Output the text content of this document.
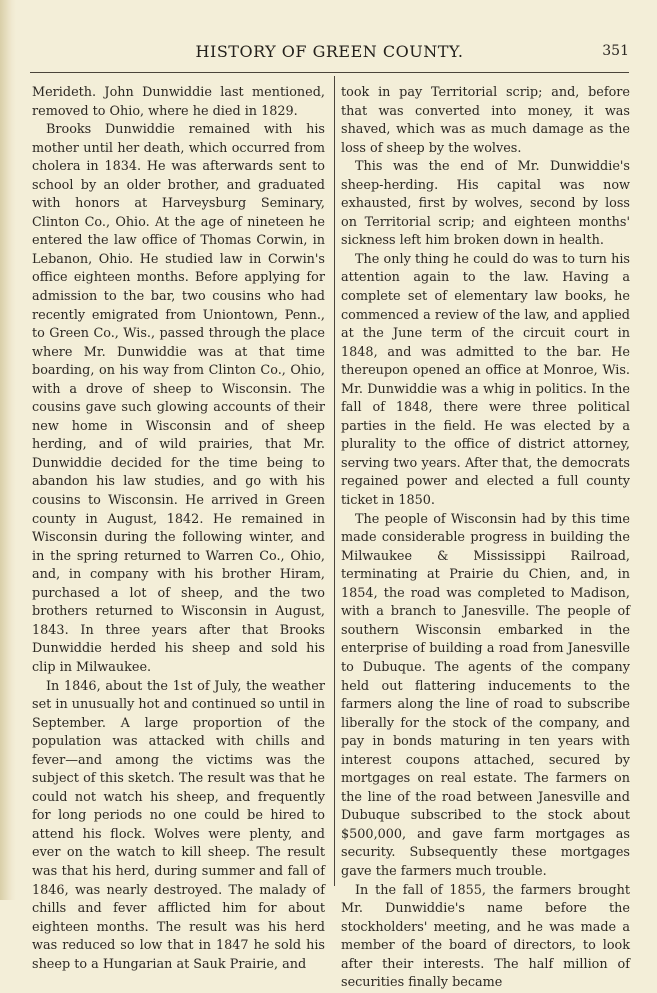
HISTORY OF GREEN COUNTY.	351

Merideth. John Dunwiddie last mentioned, removed to Ohio, where he died in 1829.

Brooks Dunwiddie remained with his mother until her death, which occurred from cholera in 1834. He was afterwards sent to school by an older brother, and graduated with honors at Harveysburg Seminary, Clinton Co., Ohio. At the age of nineteen he entered the law office of Thomas Corwin, in Lebanon, Ohio. He studied law in Corwin's office eighteen months. Before applying for admission to the bar, two cousins who had recently emigrated from Uniontown, Penn., to Green Co., Wis., passed through the place where Mr. Dunwiddie was at that time boarding, on his way from Clinton Co., Ohio, with a drove of sheep to Wisconsin. The cousins gave such glowing accounts of their new home in Wisconsin and of sheep herding, and of wild prairies, that Mr. Dunwiddie decided for the time being to abandon his law studies, and go with his cousins to Wisconsin. He arrived in Green county in August, 1842. He remained in Wisconsin during the following winter, and in the spring returned to Warren Co., Ohio, and, in company with his brother Hiram, purchased a lot of sheep, and the two brothers returned to Wisconsin in August, 1843. In three years after that Brooks Dunwiddie herded his sheep and sold his clip in Milwaukee.

In 1846, about the 1st of July, the weather set in unusually hot and continued so until in September. A large proportion of the population was attacked with chills and fever—and among the victims was the subject of this sketch. The result was that he could not watch his sheep, and frequently for long periods no one could be hired to attend his flock. Wolves were plenty, and ever on the watch to kill sheep. The result was that his herd, during summer and fall of 1846, was nearly destroyed. The malady of chills and fever afflicted him for about eighteen months. The result was his herd was reduced so low that in 1847 he sold his sheep to a Hungarian at Sauk Prairie, and

took in pay Territorial scrip; and, before that was converted into money, it was shaved, which was as much damage as the loss of sheep by the wolves.

This was the end of Mr. Dunwiddie's sheep-herding. His capital was now exhausted, first by wolves, second by loss on Territorial scrip; and eighteen months' sickness left him broken down in health.

The only thing he could do was to turn his attention again to the law. Having a complete set of elementary law books, he commenced a review of the law, and applied at the June term of the circuit court in 1848, and was admitted to the bar. He thereupon opened an office at Monroe, Wis. Mr. Dunwiddie was a whig in politics. In the fall of 1848, there were three political parties in the field. He was elected by a plurality to the office of district attorney, serving two years. After that, the democrats regained power and elected a full county ticket in 1850.

The people of Wisconsin had by this time made considerable progress in building the Milwaukee & Mississippi Railroad, terminating at Prairie du Chien, and, in 1854, the road was completed to Madison, with a branch to Janesville. The people of southern Wisconsin embarked in the enterprise of building a road from Janesville to Dubuque. The agents of the company held out flattering inducements to the farmers along the line of road to subscribe liberally for the stock of the company, and pay in bonds maturing in ten years with interest coupons attached, secured by mortgages on real estate. The farmers on the line of the road between Janesville and Dubuque subscribed to the stock about $500,000, and gave farm mortgages as security. Subsequently these mortgages gave the farmers much trouble.

In the fall of 1855, the farmers brought Mr. Dunwiddie's name before the stockholders' meeting, and he was made a member of the board of directors, to look after their interests. The half million of securities finally became
